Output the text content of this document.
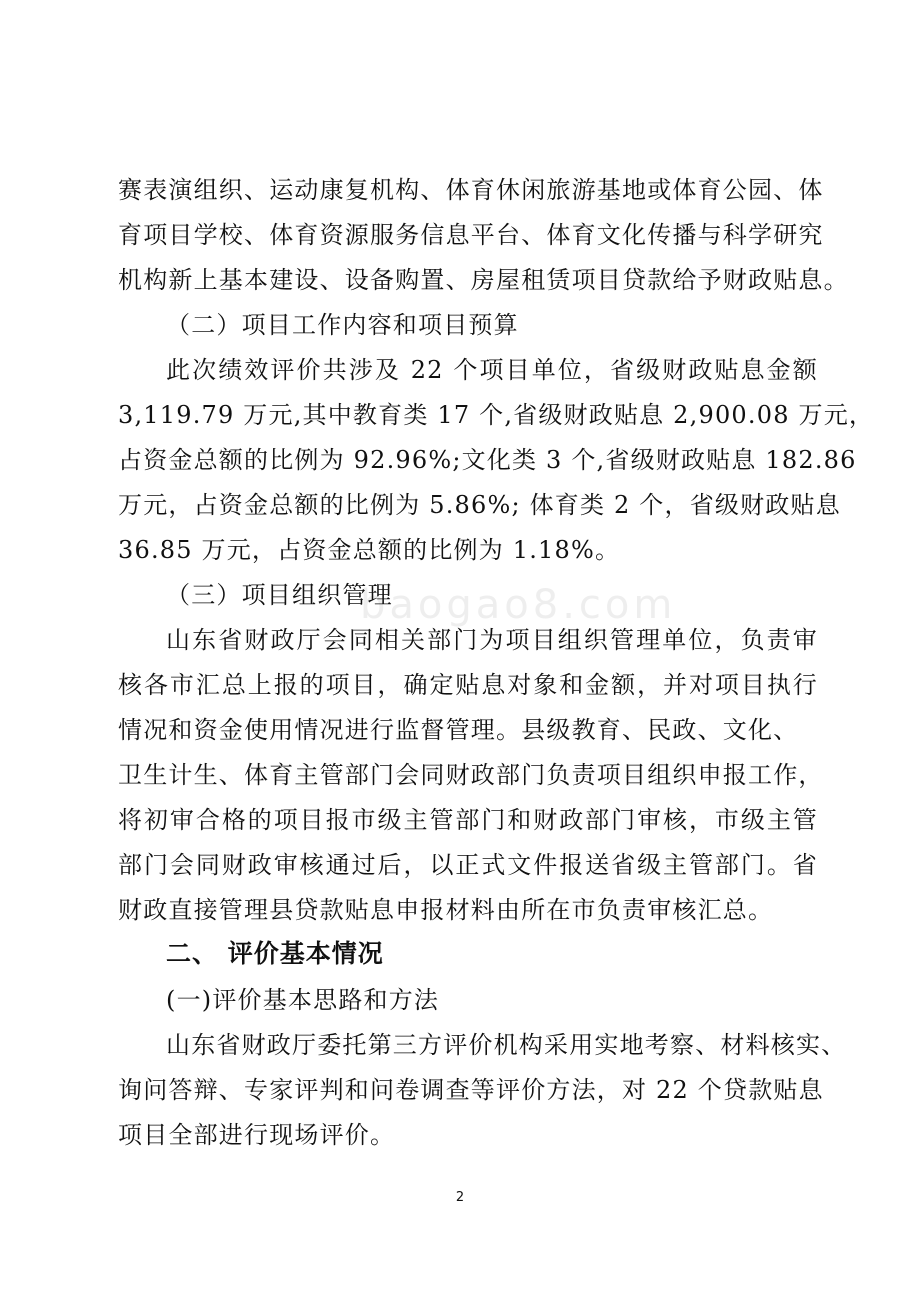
baogao8.com
赛表演组织、运动康复机构、体育休闲旅游基地或体育公园、体
育项目学校、体育资源服务信息平台、体育文化传播与科学研究
机构新上基本建设、设备购置、房屋租赁项目贷款给予财政贴息。
（二）项目工作内容和项目预算
此次绩效评价共涉及 22 个项目单位，省级财政贴息金额
3,119.79 万元,其中教育类 17 个,省级财政贴息 2,900.08 万元，
占资金总额的比例为 92.96%;文化类 3 个,省级财政贴息 182.86
万元，占资金总额的比例为 5.86%; 体育类 2 个，省级财政贴息
36.85 万元，占资金总额的比例为 1.18%。
（三）项目组织管理
山东省财政厅会同相关部门为项目组织管理单位，负责审
核各市汇总上报的项目，确定贴息对象和金额，并对项目执行
情况和资金使用情况进行监督管理。县级教育、民政、文化、
卫生计生、体育主管部门会同财政部门负责项目组织申报工作，
将初审合格的项目报市级主管部门和财政部门审核，市级主管
部门会同财政审核通过后，以正式文件报送省级主管部门。省
财政直接管理县贷款贴息申报材料由所在市负责审核汇总。
二、 评价基本情况
(一)评价基本思路和方法
山东省财政厅委托第三方评价机构采用实地考察、材料核实、
询问答辩、专家评判和问卷调查等评价方法，对 22 个贷款贴息
项目全部进行现场评价。
2
